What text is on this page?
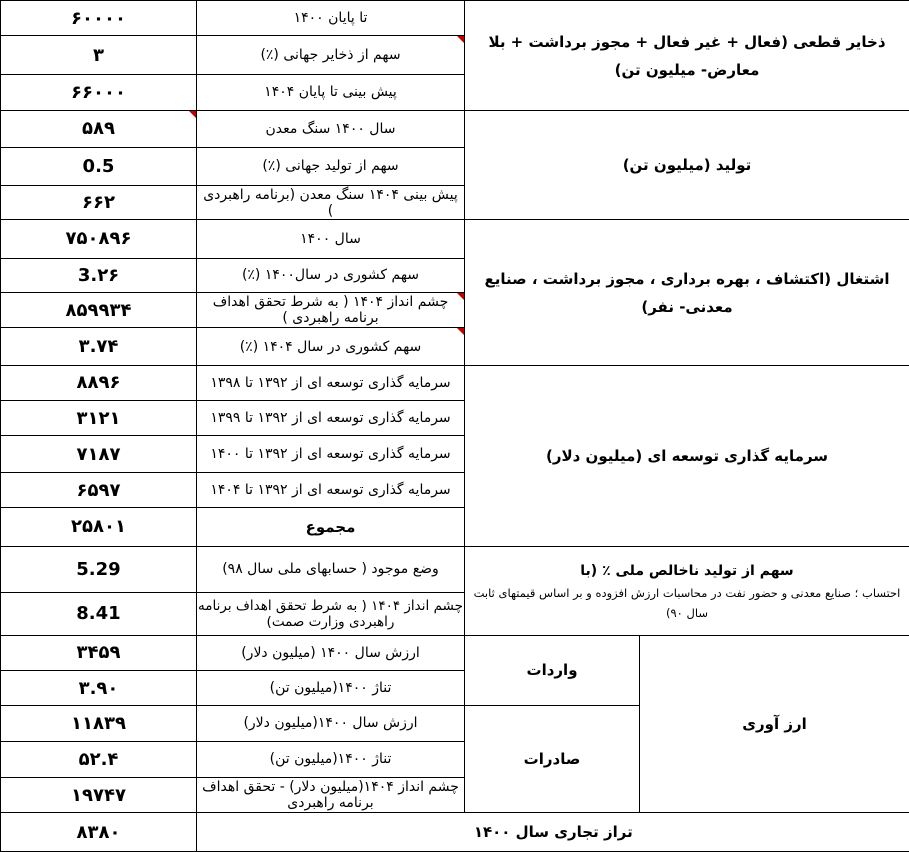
ذخایر قطعی (فعال + غیر فعال + مجوز برداشت + بلا معارض- میلیون تن)		تا پایان ۱۴۰۰	۶۰۰۰۰
		سهم از ذخایر جهانی (٪)	۳
		پیش بینی تا پایان ۱۴۰۴	۶۶۰۰۰
تولید (میلیون تن)		سال ۱۴۰۰ سنگ معدن	۵۸۹

		سهم از تولید جهانی (٪)	0.5
		پیش بینی ۱۴۰۴ سنگ معدن (برنامه راهبردی )	۶۶۲
اشتغال (اکتشاف ، بهره برداری ، مجوز برداشت ، صنایع معدنی- نفر)		سال ۱۴۰۰	۷۵۰۸۹۶
		سهم کشوری در سال۱۴۰۰ (٪)	3.۲۶
		چشم انداز ۱۴۰۴ ( به شرط تحقق اهداف برنامه راهبردی )	۸۵۹۹۳۴
		سهم کشوری در سال ۱۴۰۴ (٪)	۳.۷۴
سرمایه گذاری توسعه ای (میلیون دلار)		سرمایه گذاری توسعه ای از ۱۳۹۲ تا ۱۳۹۸	۸۸۹۶
		سرمایه گذاری توسعه ای از ۱۳۹۲ تا ۱۳۹۹	۳۱۲۱
		سرمایه گذاری توسعه ای از ۱۳۹۲ تا ۱۴۰۰	۷۱۸۷
		سرمایه گذاری توسعه ای از ۱۳۹۲ تا ۱۴۰۴	۶۵۹۷
		مجموع	۲۵۸۰۱
سهم از تولید ناخالص ملی ٪ (با
احتساب ؛ صنایع معدنی و حضور نفت در محاسبات ارزش افزوده و بر اساس قیمتهای ثابت سال ۹۰)		وضع موجود ( حسابهای ملی سال ۹۸)	5.29
		چشم انداز ۱۴۰۴ ( به شرط تحقق اهداف برنامه راهبردی وزارت صمت)	8.41
ارز آوری	واردات	ارزش سال ۱۴۰۰ (میلیون دلار)	۳۴۵۹
		تناژ ۱۴۰۰(میلیون تن)	۳.۹۰
	صادرات	ارزش سال ۱۴۰۰(میلیون دلار)	۱۱۸۳۹
		تناژ ۱۴۰۰(میلیون تن)	۵۲.۴
		چشم انداز ۱۴۰۴(میلیون دلار) - تحقق اهداف برنامه راهبردی	۱۹۷۴۷
تراز تجاری سال ۱۴۰۰			۸۳۸۰
